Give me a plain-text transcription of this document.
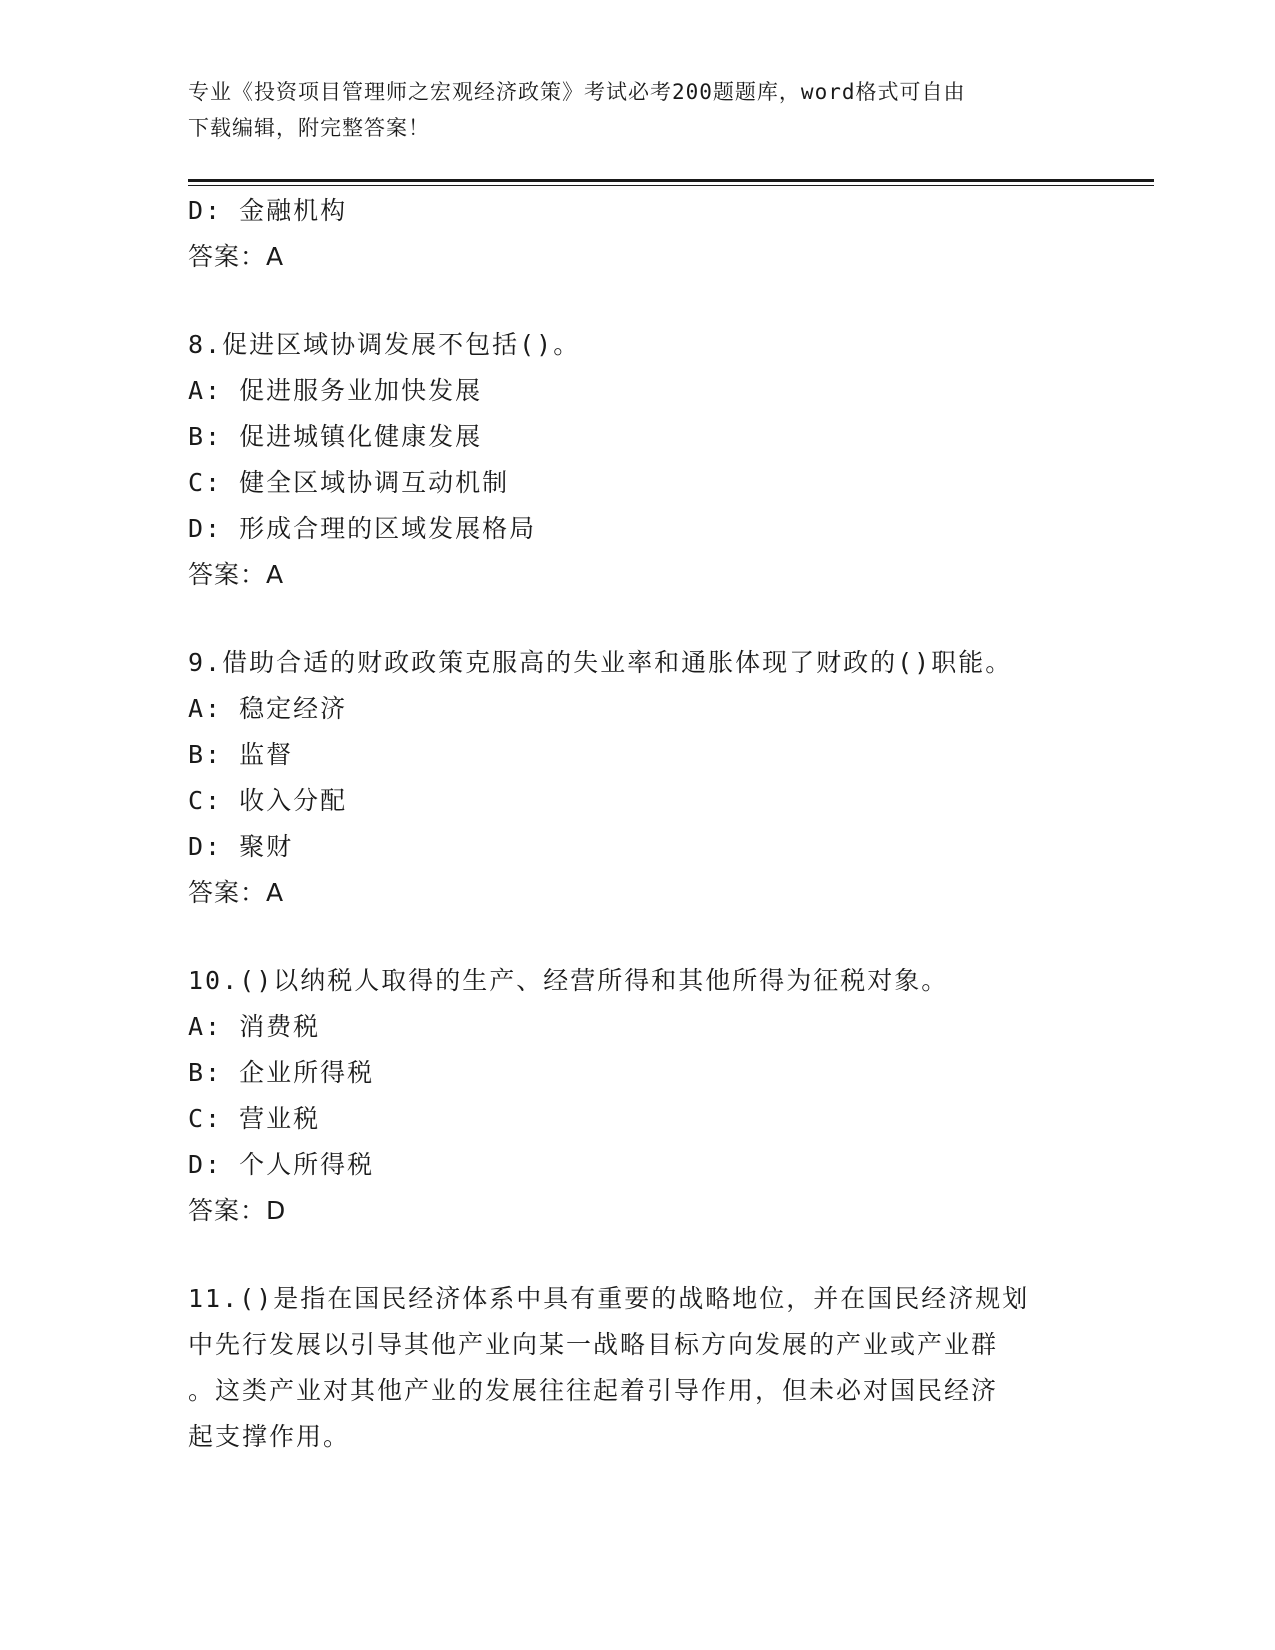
专业《投资项目管理师之宏观经济政策》考试必考200题题库，word格式可自由
下载编辑，附完整答案！
D: 金融机构
答案：A
8.促进区域协调发展不包括()。
A: 促进服务业加快发展
B: 促进城镇化健康发展
C: 健全区域协调互动机制
D: 形成合理的区域发展格局
答案：A
9.借助合适的财政政策克服高的失业率和通胀体现了财政的()职能。
A: 稳定经济
B: 监督
C: 收入分配
D: 聚财
答案：A
10.()以纳税人取得的生产、经营所得和其他所得为征税对象。
A: 消费税
B: 企业所得税
C: 营业税
D: 个人所得税
答案：D
11.()是指在国民经济体系中具有重要的战略地位，并在国民经济规划
中先行发展以引导其他产业向某一战略目标方向发展的产业或产业群
。这类产业对其他产业的发展往往起着引导作用，但未必对国民经济
起支撑作用。
